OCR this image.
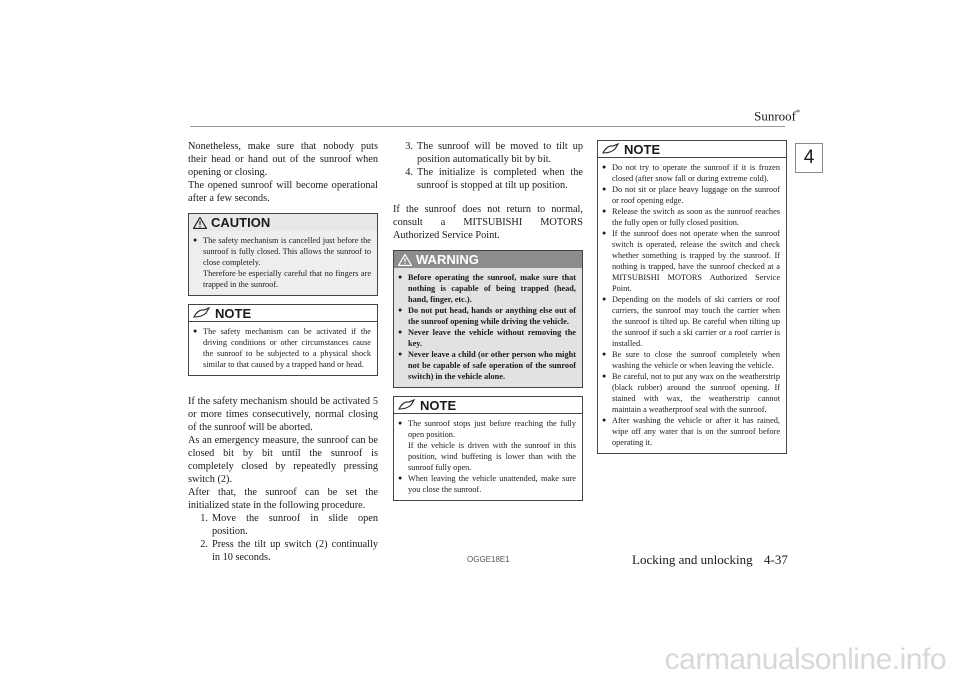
Sunroof*
4

Nonetheless, make sure that nobody puts their head or hand out of the sunroof when opening or closing.

The opened sunroof will become operational after a few seconds.

CAUTION
● The safety mechanism is cancelled just before the sunroof is fully closed. This allows the sunroof to close completely.
Therefore be especially careful that no fingers are trapped in the sunroof.
NOTE
● The safety mechanism can be activated if the driving conditions or other circumstances cause the sunroof to be subjected to a physical shock similar to that caused by a trapped hand or head.

If the safety mechanism should be activated 5 or more times consecutively, normal closing of the sunroof will be aborted.

As an emergency measure, the sunroof can be closed bit by bit until the sunroof is completely closed by repeatedly pressing switch (2).

After that, the sunroof can be set the initialized state in the following procedure.

1. Move the sunroof in slide open position.
2. Press the tilt up switch (2) continually in 10 seconds.
3. The sunroof will be moved to tilt up position automatically bit by bit.
4. The initialize is completed when the sunroof is stopped at tilt up position.

If the sunroof does not return to normal, consult a MITSUBISHI MOTORS Authorized Service Point.

WARNING
● Before operating the sunroof, make sure that nothing is capable of being trapped (head, hand, finger, etc.).
● Do not put head, hands or anything else out of the sunroof opening while driving the vehicle.
● Never leave the vehicle without removing the key.
● Never leave a child (or other person who might not be capable of safe operation of the sunroof switch) in the vehicle alone.
NOTE
● The sunroof stops just before reaching the fully open position.
If the vehicle is driven with the sunroof in this position, wind buffeting is lower than with the sunroof fully open.
● When leaving the vehicle unattended, make sure you close the sunroof.
NOTE
● Do not try to operate the sunroof if it is frozen closed (after snow fall or during extreme cold).
● Do not sit or place heavy luggage on the sunroof or roof opening edge.
● Release the switch as soon as the sunroof reaches the fully open or fully closed position.
● If the sunroof does not operate when the sunroof switch is operated, release the switch and check whether something is trapped by the sunroof. If nothing is trapped, have the sunroof checked at a MITSUBISHI MOTORS Authorized Service Point.
● Depending on the models of ski carriers or roof carriers, the sunroof may touch the carrier when the sunroof is tilted up. Be careful when tilting up the sunroof if such a ski carrier or a roof carrier is installed.
● Be sure to close the sunroof completely when washing the vehicle or when leaving the vehicle.
● Be careful, not to put any wax on the weatherstrip (black rubber) around the sunroof opening. If stained with wax, the weatherstrip cannot maintain a weatherproof seal with the sunroof.
● After washing the vehicle or after it has rained, wipe off any water that is on the sunroof before operating it.
OGGE18E1	Locking and unlocking 4-37
carmanualsonline.info
